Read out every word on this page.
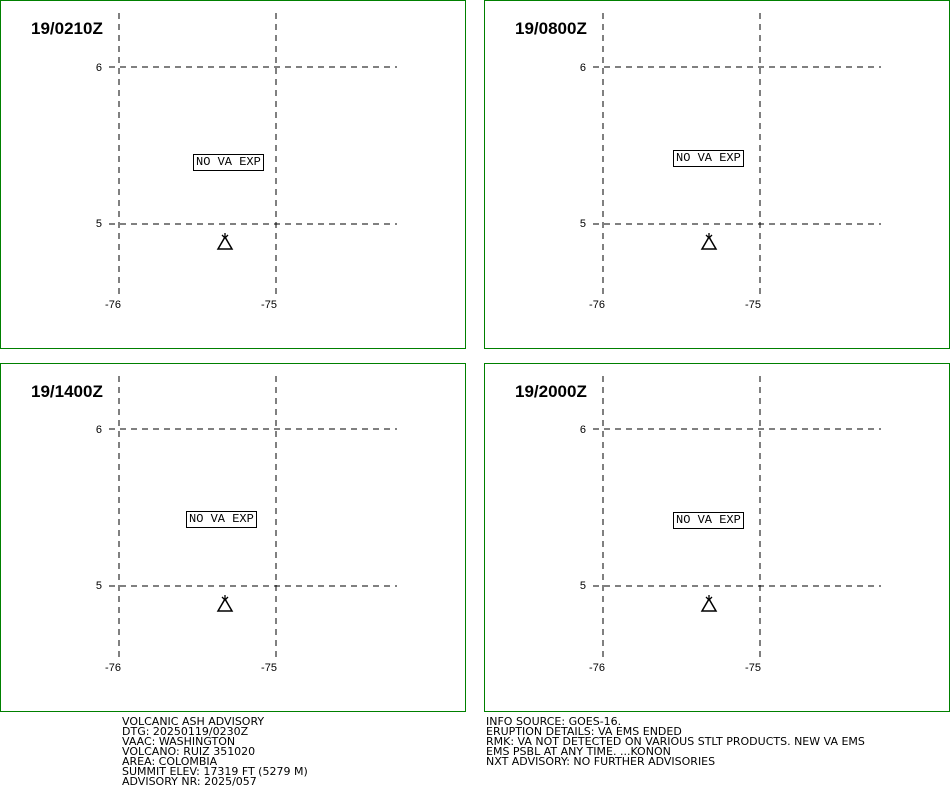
19/0210Z
6
5
-76	-75
NO VA EXP
19/0800Z
6
5
-76	-75
NO VA EXP
19/1400Z
6
5
-76	-75
NO VA EXP
19/2000Z
6
5
-76	-75
NO VA EXP
VOLCANIC ASH ADVISORY
DTG: 20250119/0230Z
VAAC: WASHINGTON
VOLCANO: RUIZ 351020
AREA: COLOMBIA
SUMMIT ELEV: 17319 FT (5279 M)
ADVISORY NR: 2025/057
INFO SOURCE: GOES-16.
ERUPTION DETAILS: VA EMS ENDED
RMK: VA NOT DETECTED ON VARIOUS STLT PRODUCTS. NEW VA EMS
EMS PSBL AT ANY TIME. ...KONON
NXT ADVISORY: NO FURTHER ADVISORIES
